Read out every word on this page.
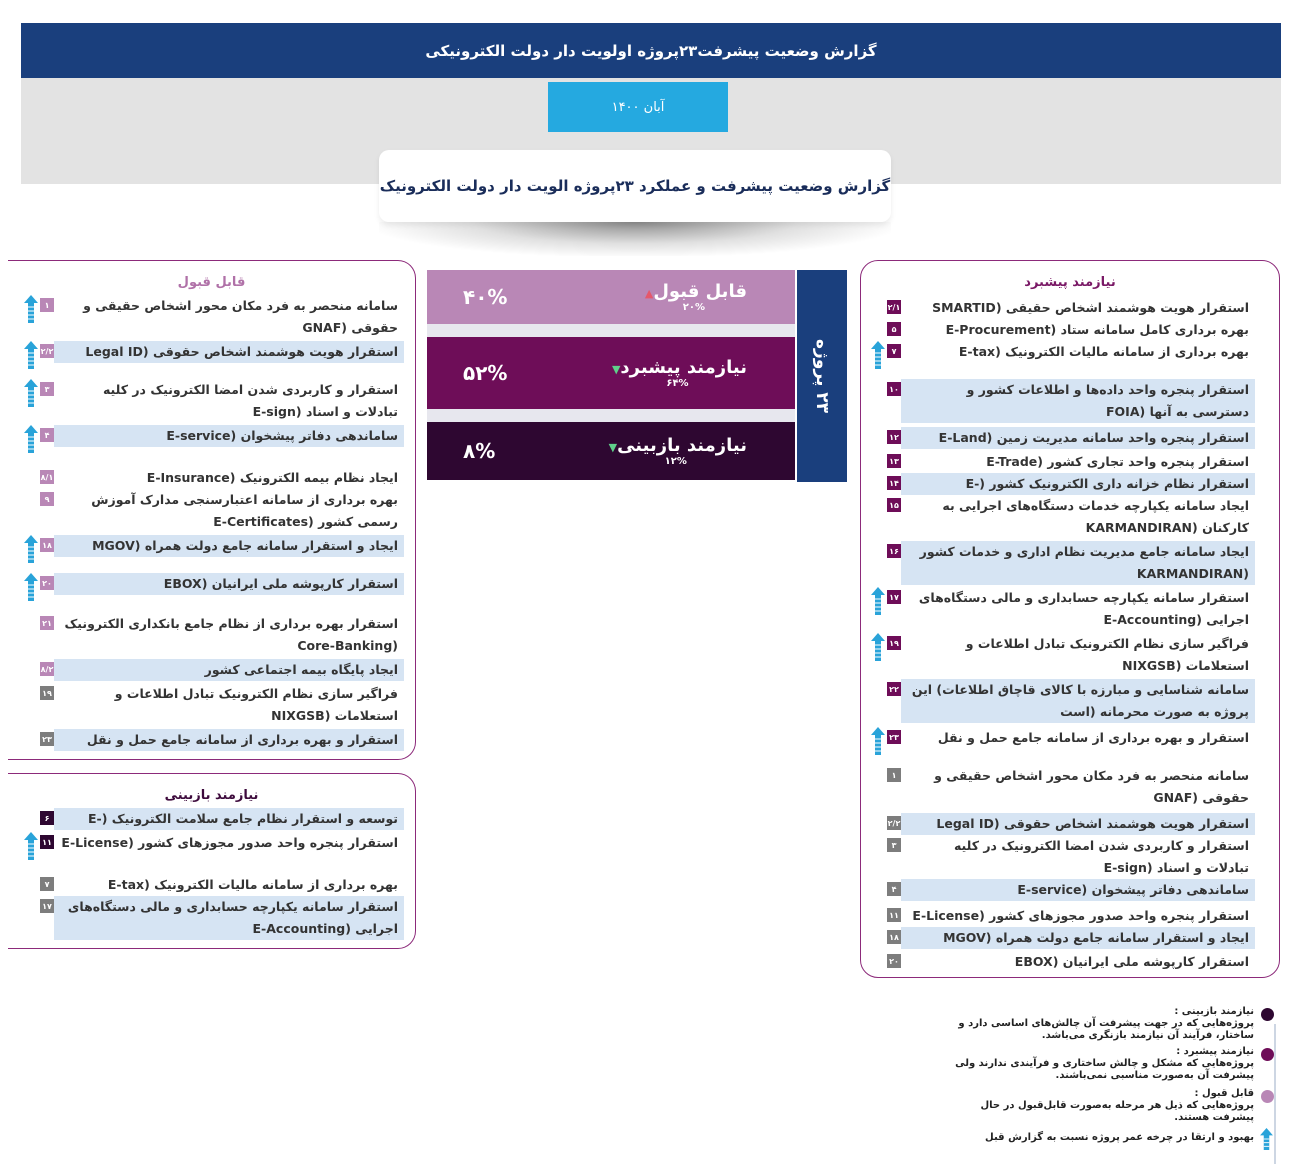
گزارش وضعیت پیشرفت۲۳پروژه اولویت دار دولت الکترونیکی
آبان ۱۴۰۰
گزارش وضعیت پیشرفت و عملکرد ۲۳پروژه الویت دار دولت الکترونیک
قابل قبول▲
۲۰%
۴۰%
نیازمند پیشبرد▼
۶۴%
۵۲%
نیازمند بازبینی▼
۱۲%
۸%
۲۳ پروژه
قابل قبول
۱	سامانه منحصر به فرد مکان محور اشخاص حقیقی و حقوقی (GNAF
۲/۲	استقرار هویت هوشمند اشخاص حقوقی (Legal ID
۳	استقرار و کاربردی شدن امضا الکترونیک در کلیه تبادلات و اسناد (E-sign
۴	ساماندهی دفاتر پیشخوان (E-service
۸/۱	ایجاد نظام بیمه الکترونیک (E-Insurance
۹	بهره برداری از سامانه اعتبارسنجی مدارک آموزش رسمی کشور (E-Certificates
۱۸	ایجاد و استقرار سامانه جامع دولت همراه (MGOV
۲۰	استقرار کارپوشه ملی ایرانیان (EBOX
۲۱	استقرار بهره برداری از نظام جامع بانکداری الکترونیک (Core-Banking
۸/۲	ایجاد پایگاه بیمه اجتماعی کشور
۱۹	فراگیر سازی نظام الکترونیک تبادل اطلاعات و استعلامات (NIXGSB
۲۳	استقرار و بهره برداری از سامانه جامع حمل و نقل
نیازمند بازبینی
۶	توسعه و استقرار نظام جامع سلامت الکترونیک (E-
۱۱ استقرار پنجره واحد صدور مجوزهای کشور (E-License
۷	بهره برداری از سامانه مالیات الکترونیک (E-tax
۱۷	استقرار سامانه یکپارچه حسابداری و مالی دستگاه‌های اجرایی (E-Accounting
نیازمند پیشبرد
۲/۱	استقرار هویت هوشمند اشخاص حقیقی (SMARTID
۵	بهره برداری کامل سامانه ستاد (E-Procurement
۷	بهره برداری از سامانه مالیات الکترونیک (E-tax
۱۰	استقرار پنجره واحد داده‌ها و اطلاعات کشور و دسترسی به آنها (FOIA
۱۲	استقرار پنجره واحد سامانه مدیریت زمین (E-Land
۱۳	استقرار پنجره واحد تجاری کشور (E-Trade
۱۴	استقرار نظام خزانه داری الکترونیک کشور (E-
۱۵	ایجاد سامانه یکپارچه خدمات دستگاه‌های اجرایی به کارکنان (KARMANDIRAN
۱۶	ایجاد سامانه جامع مدیریت نظام اداری و خدمات کشور (KARMANDIRAN
۱۷	استقرار سامانه یکپارچه حسابداری و مالی دستگاه‌های اجرایی (E-Accounting
۱۹	فراگیر سازی نظام الکترونیک تبادل اطلاعات و استعلامات (NIXGSB
۲۲	سامانه شناسایی و مبارزه با کالای قاچاق اطلاعات) این پروژه به صورت محرمانه (است
۲۳	استقرار و بهره برداری از سامانه جامع حمل و نقل
۱	سامانه منحصر به فرد مکان محور اشخاص حقیقی و حقوقی (GNAF
۲/۲	استقرار هویت هوشمند اشخاص حقوقی (Legal ID
۳	استقرار و کاربردی شدن امضا الکترونیک در کلیه تبادلات و اسناد (E-sign
۴	ساماندهی دفاتر پیشخوان (E-service
۱۱	استقرار پنجره واحد صدور مجوزهای کشور (E-License
۱۸	ایجاد و استقرار سامانه جامع دولت همراه (MGOV
۲۰	استقرار کارپوشه ملی ایرانیان (EBOX
نیازمند بازبینی :
پروژه‌هایی که در جهت پیشرفت آن چالش‌های اساسی دارد و ساختار، فرآیند آن نیازمند بازنگری می‌باشد.
نیازمند پیشبرد :
پروژه‌هایی که مشکل و چالش ساختاری و فرآیندی ندارند ولی پیشرفت آن به‌صورت مناسبی نمی‌باشند.
قابل قبول :
پروژه‌هایی که ذیل هر مرحله به‌صورت قابل‌قبول در حال پیشرفت هستند.
بهبود و ارتقا در چرخه عمر پروژه نسبت به گزارش قبل
